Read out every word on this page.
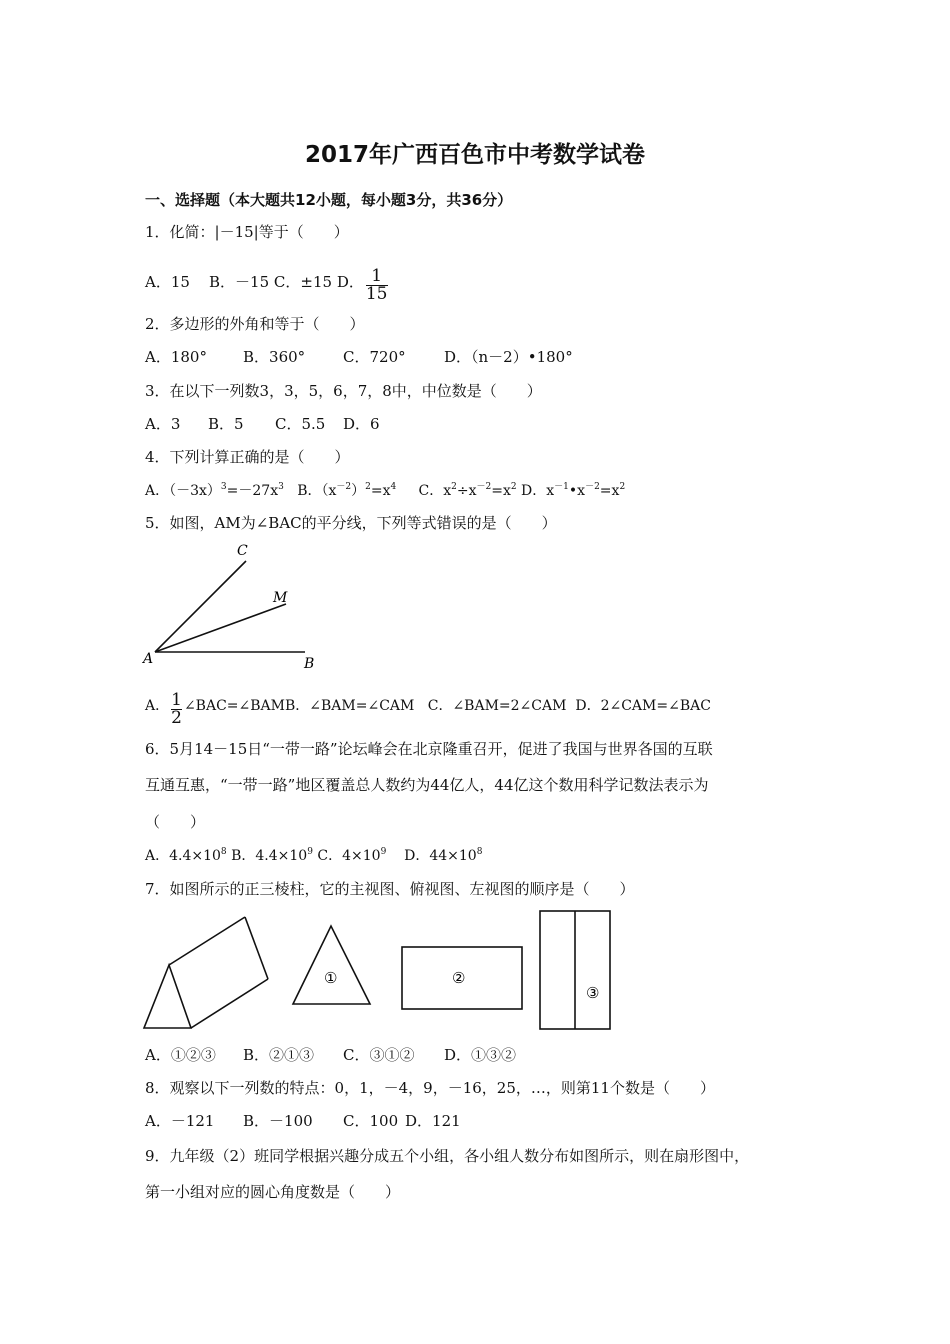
2017年广西百色市中考数学试卷
一、选择题（本大题共12小题，每小题3分，共36分）
1．化简：|－15|等于（　　）
A．15 B．－15 C．±15 D． $\frac{1}{15}$
2．多边形的外角和等于（　　）
A．180° B．360°	C．720°	D．（n－2）•180°
3．在以下一列数3，3，5，6，7，8中，中位数是（　　）
A．3 B．5 C．5.5 D．6
4．下列计算正确的是（　　）
A．$(-3x)^3=-27x^3$ B．$(x^{-2})^2=x^4$ C．$x^2\div x^{-2}=x^2$ D．$x^{-1}•x^{-2}=x^2$
5．如图，AM为∠BAC的平分线，下列等式错误的是（　　）
C
M
A	B
A． $\frac{1}{2}$ ∠BAC=∠BAMB．∠BAM=∠CAM C．∠BAM=2∠CAM D．2∠CAM=∠BAC
6．5月14－15日“一带一路”论坛峰会在北京隆重召开，促进了我国与世界各国的互联
互通互惠，“一带一路”地区覆盖总人数约为44亿人，44亿这个数用科学记数法表示为
（　　）
A．$4.4\times 10^8$ B．$4.4\times 10^9$ C．$4\times 10^9$ D．$44\times 10^8$
7．如图所示的正三棱柱，它的主视图、俯视图、左视图的顺序是（　　）
①	②
③
A．①②③ B．②①③ C．③①② D．①③②
8．观察以下一列数的特点：0，1，－4，9，－16，25，…，则第11个数是（　　）
A．－121 B．－100 C．100 D．121
9．九年级（2）班同学根据兴趣分成五个小组，各小组人数分布如图所示，则在扇形图中，
第一小组对应的圆心角度数是（　　）
